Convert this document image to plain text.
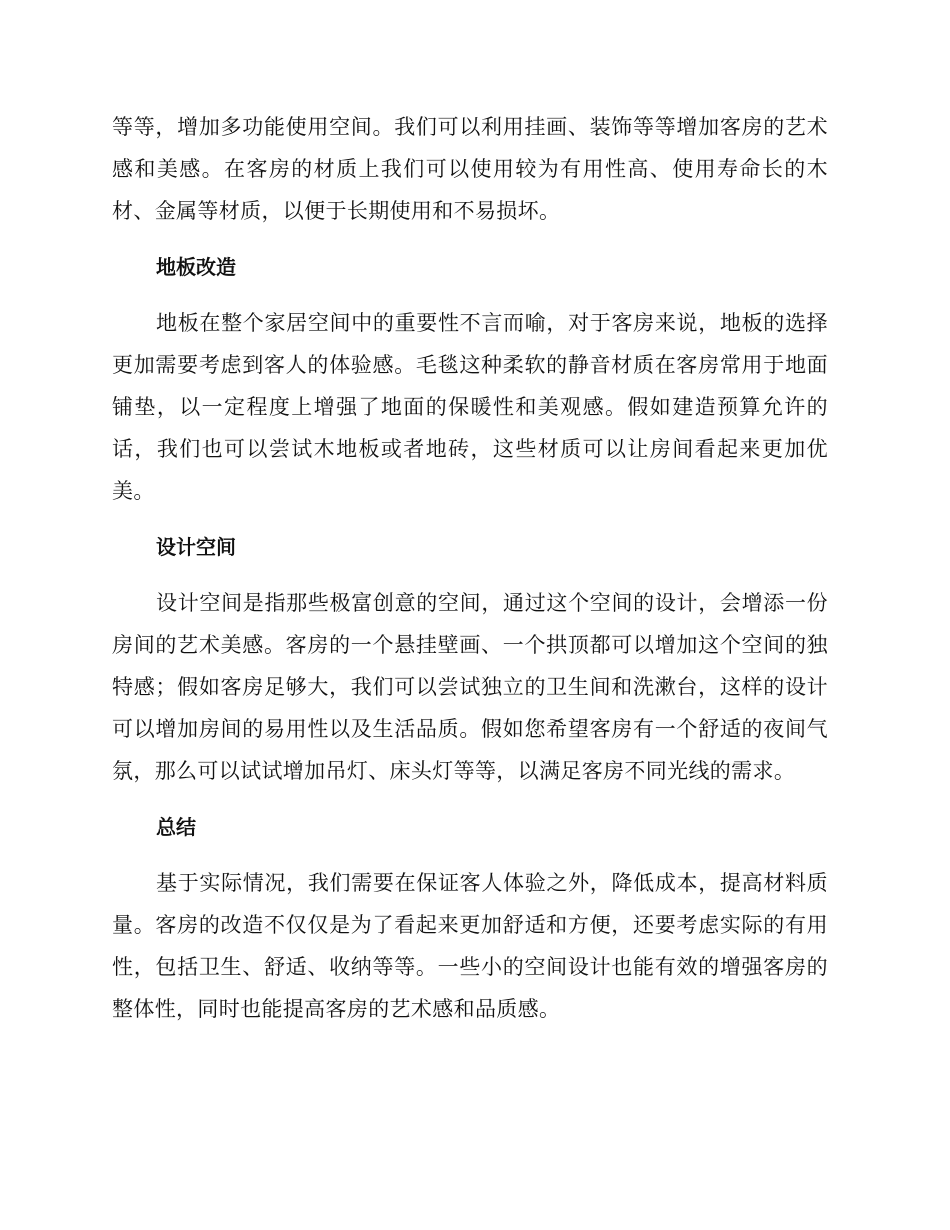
等等，增加多功能使用空间。我们可以利用挂画、装饰等等增加客房的艺术感和美感。在客房的材质上我们可以使用较为有用性高、使用寿命长的木材、金属等材质，以便于长期使用和不易损坏。

地板改造

地板在整个家居空间中的重要性不言而喻，对于客房来说，地板的选择更加需要考虑到客人的体验感。毛毯这种柔软的静音材质在客房常用于地面铺垫，以一定程度上增强了地面的保暖性和美观感。假如建造预算允许的话，我们也可以尝试木地板或者地砖，这些材质可以让房间看起来更加优美。

设计空间

设计空间是指那些极富创意的空间，通过这个空间的设计，会增添一份房间的艺术美感。客房的一个悬挂壁画、一个拱顶都可以增加这个空间的独特感；假如客房足够大，我们可以尝试独立的卫生间和洗漱台，这样的设计可以增加房间的易用性以及生活品质。假如您希望客房有一个舒适的夜间气氛，那么可以试试增加吊灯、床头灯等等，以满足客房不同光线的需求。

总结

基于实际情况，我们需要在保证客人体验之外，降低成本，提高材料质量。客房的改造不仅仅是为了看起来更加舒适和方便，还要考虑实际的有用性，包括卫生、舒适、收纳等等。一些小的空间设计也能有效的增强客房的整体性，同时也能提高客房的艺术感和品质感。
